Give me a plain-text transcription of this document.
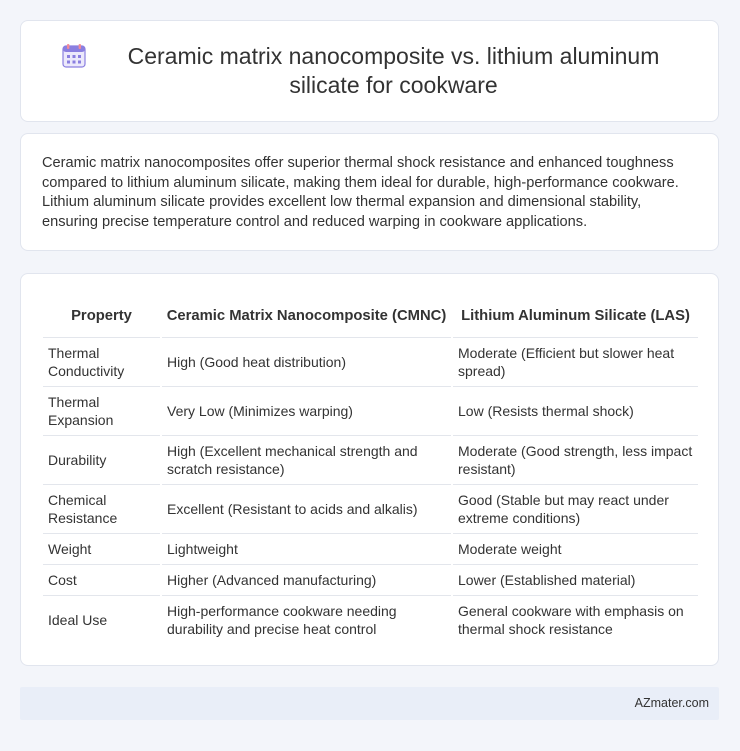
Ceramic matrix nanocomposite vs. lithium aluminum silicate for cookware

Ceramic matrix nanocomposites offer superior thermal shock resistance and enhanced toughness compared to lithium aluminum silicate, making them ideal for durable, high-performance cookware. Lithium aluminum silicate provides excellent low thermal expansion and dimensional stability, ensuring precise temperature control and reduced warping in cookware applications.

Property	Ceramic Matrix Nanocomposite (CMNC)	Lithium Aluminum Silicate (LAS)
Thermal Conductivity	High (Good heat distribution)	Moderate (Efficient but slower heat spread)
Thermal Expansion	Very Low (Minimizes warping)	Low (Resists thermal shock)
Durability	High (Excellent mechanical strength and scratch resistance)	Moderate (Good strength, less impact resistant)
Chemical Resistance	Excellent (Resistant to acids and alkalis)	Good (Stable but may react under extreme conditions)
Weight	Lightweight	Moderate weight
Cost	Higher (Advanced manufacturing)	Lower (Established material)
Ideal Use	High-performance cookware needing durability and precise heat control	General cookware with emphasis on thermal shock resistance
AZmater.com
